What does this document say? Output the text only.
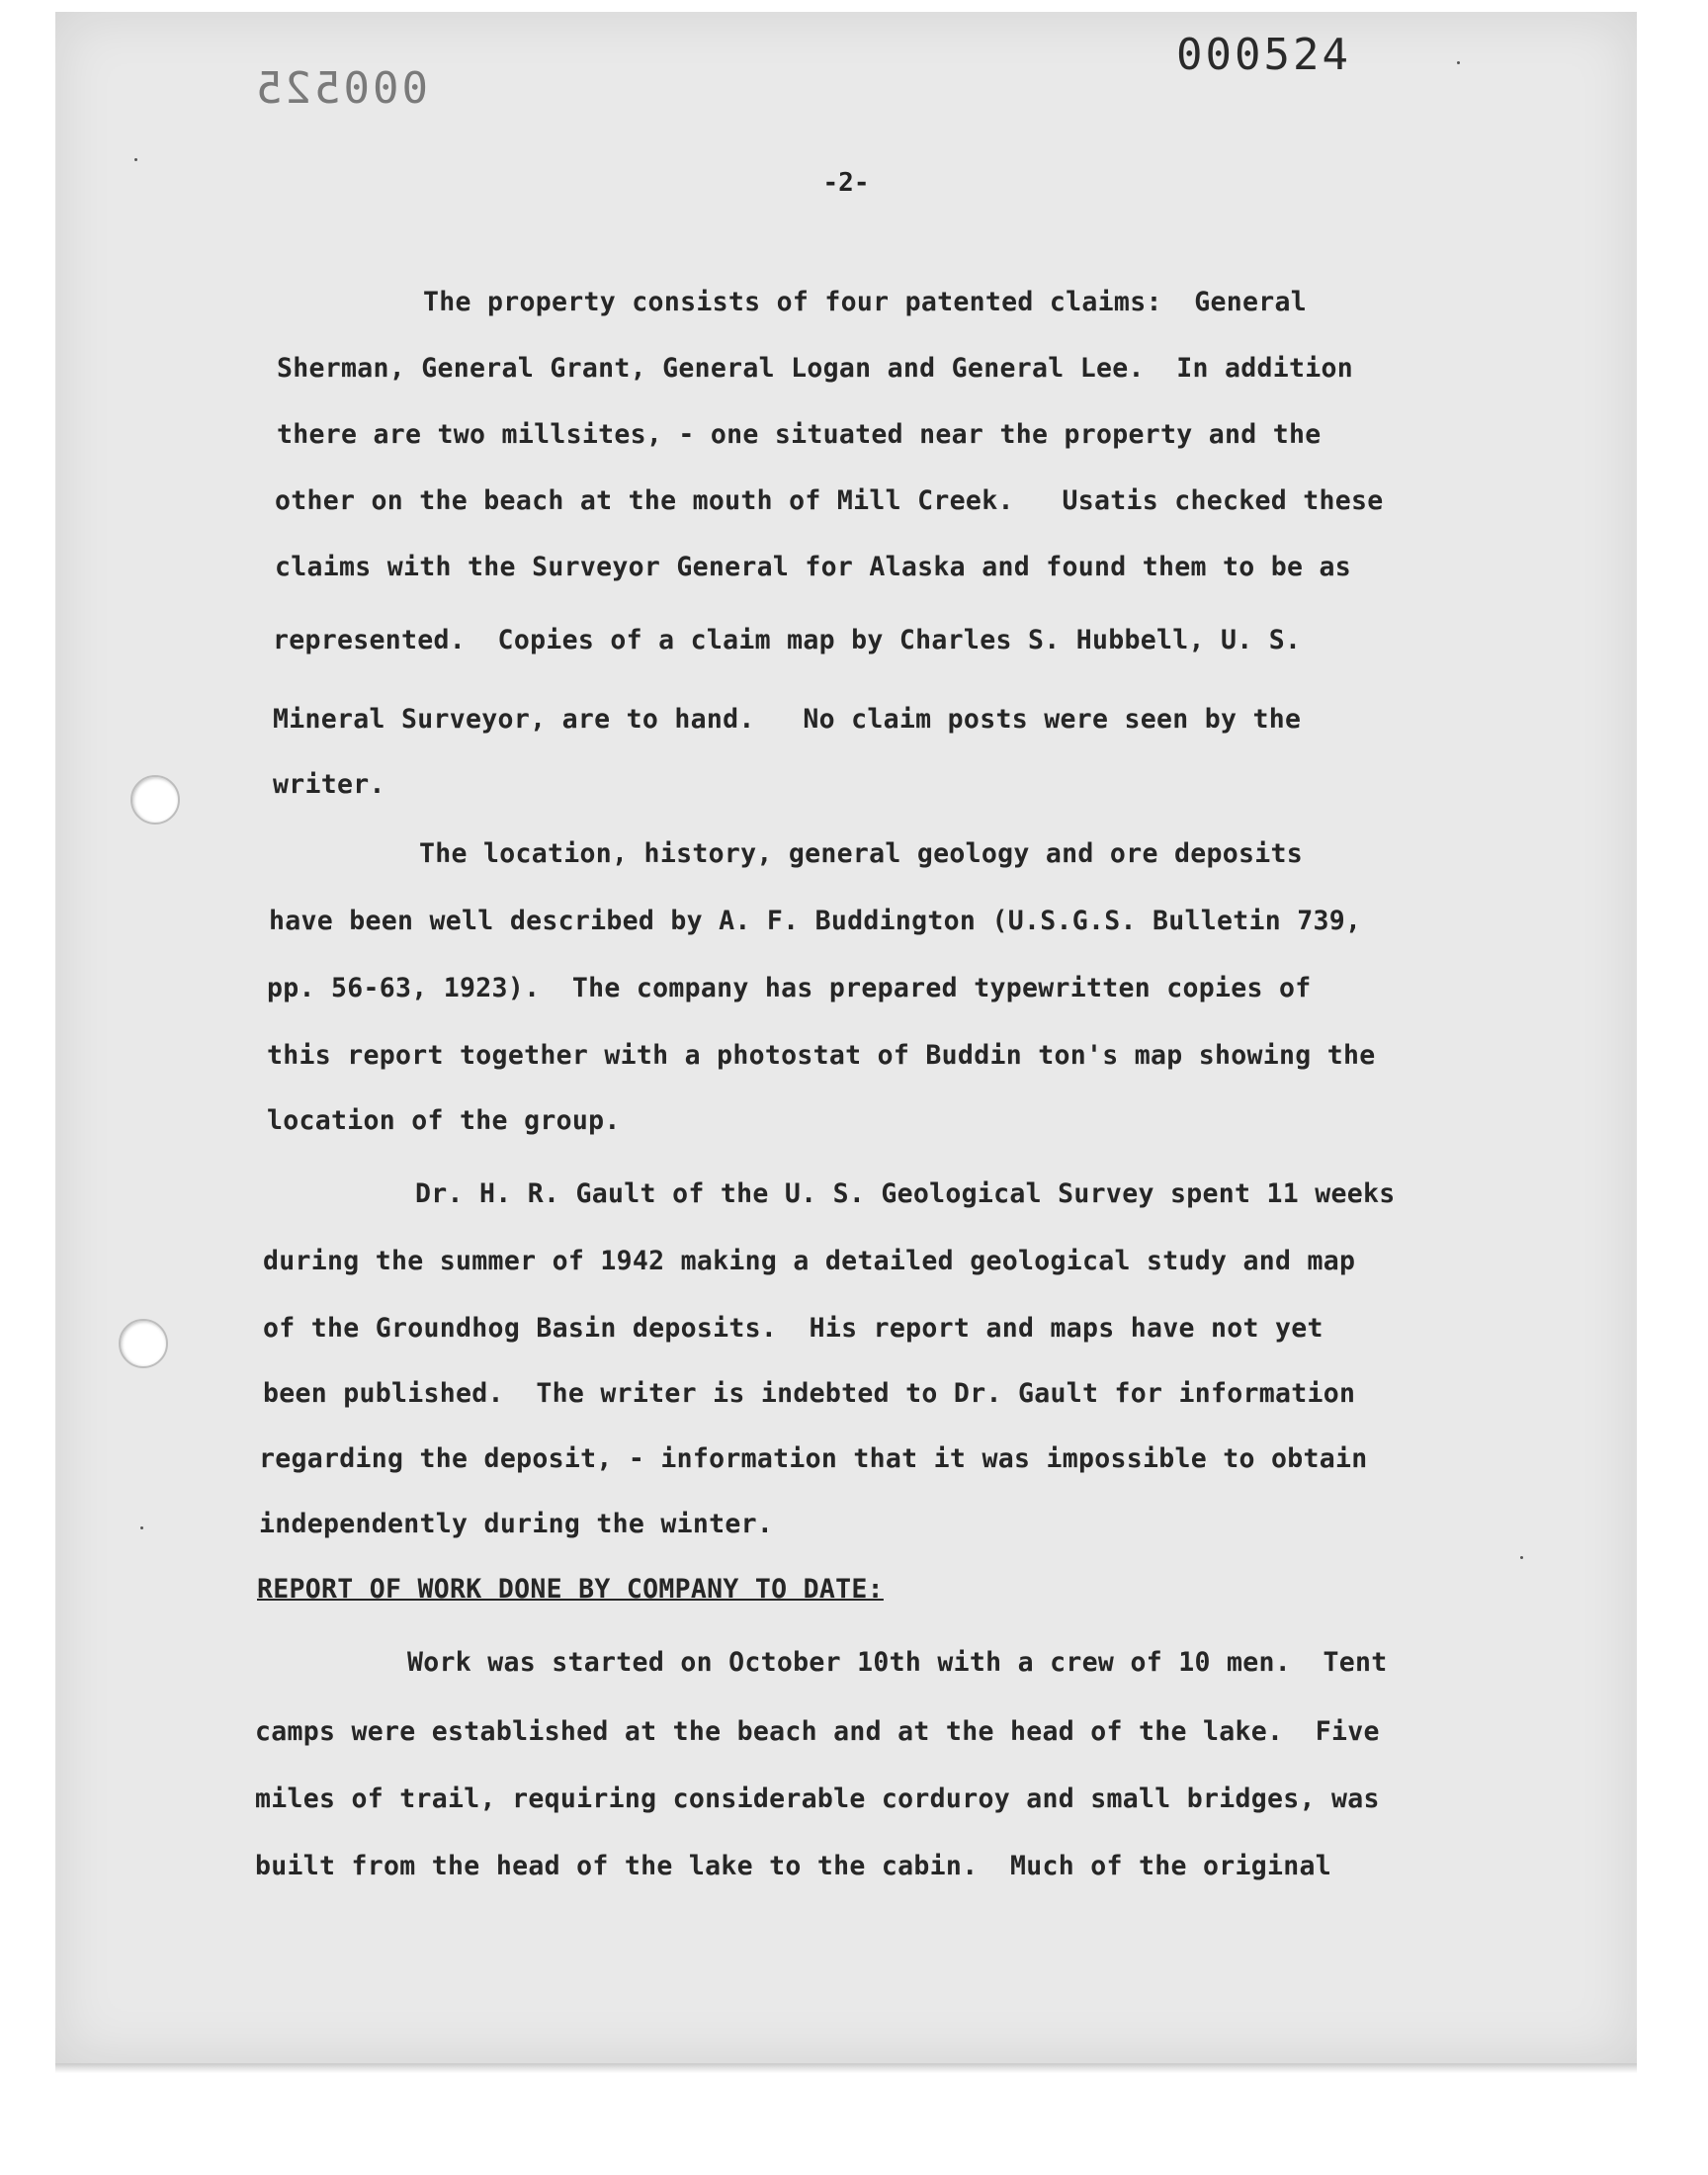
000524
000525
-2-
The property consists of four patented claims:  General
Sherman, General Grant, General Logan and General Lee.  In addition
there are two millsites, - one situated near the property and the
other on the beach at the mouth of Mill Creek.   Usatis checked these
claims with the Surveyor General for Alaska and found them to be as
represented.  Copies of a claim map by Charles S. Hubbell, U. S.
Mineral Surveyor, are to hand.   No claim posts were seen by the
writer.
The location, history, general geology and ore deposits
have been well described by A. F. Buddington (U.S.G.S. Bulletin 739,
pp. 56-63, 1923).  The company has prepared typewritten copies of
this report together with a photostat of Buddin ton's map showing the
location of the group.
Dr. H. R. Gault of the U. S. Geological Survey spent 11 weeks
during the summer of 1942 making a detailed geological study and map
of the Groundhog Basin deposits.  His report and maps have not yet
been published.  The writer is indebted to Dr. Gault for information
regarding the deposit, - information that it was impossible to obtain
independently during the winter.
REPORT OF WORK DONE BY COMPANY TO DATE:
Work was started on October 10th with a crew of 10 men.  Tent
camps were established at the beach and at the head of the lake.  Five
miles of trail, requiring considerable corduroy and small bridges, was
built from the head of the lake to the cabin.  Much of the original
